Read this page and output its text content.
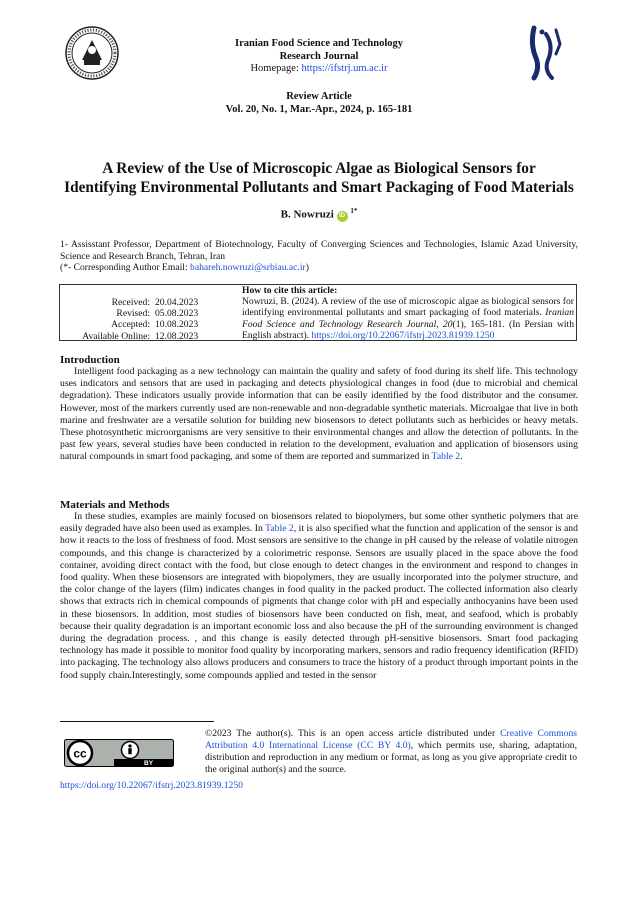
Iranian Food Science and Technology
Research Journal
Homepage: https://ifstrj.um.ac.ir
Review Article
Vol. 20, No. 1, Mar.-Apr., 2024, p. 165-181
A Review of the Use of Microscopic Algae as Biological Sensors for
Identifying Environmental Pollutants and Smart Packaging of Food Materials
B. Nowruzi iD $^{1*}$
1- Assisstant Professor, Department of Biotechnology, Faculty of Converging Sciences and Technologies, Islamic Azad University, Science and Research Branch, Tehran, Iran
(*- Corresponding Author Email: bahareh.nowruzi@srbiau.ac.ir)
Received: 20.04.2023
Revised: 05.08.2023
Accepted: 10.08.2023
Available Online: 12.08.2023
How to cite this article:
Nowruzi, B. (2024). A review of the use of microscopic algae as biological sensors for identifying environmental pollutants and smart packaging of food materials. Iranian Food Science and Technology Research Journal, 20(1), 165-181. (In Persian with English abstract). https://doi.org/10.22067/ifstrj.2023.81939.1250
Introduction
Intelligent food packaging as a new technology can maintain the quality and safety of food during its shelf life. This technology uses indicators and sensors that are used in packaging and detects physiological changes in food (due to microbial and chemical degradation). These indicators usually provide information that can be easily identified by the food distributor and the consumer. However, most of the markers currently used are non-renewable and non-degradable synthetic materials. Microalgae that live in both marine and freshwater are a versatile solution for building new biosensors to detect pollutants such as herbicides or heavy metals. These photosynthetic microorganisms are very sensitive to their environmental changes and allow the detection of pollutants. In the past few years, several studies have been conducted in relation to the development, evaluation and application of biosensors using natural compounds in smart food packaging, and some of them are reported and summarized in Table 2.
Materials and Methods
In these studies, examples are mainly focused on biosensors related to biopolymers, but some other synthetic polymers that are easily degraded have also been used as examples. In Table 2, it is also specified what the function and application of the sensor is and how it reacts to the loss of freshness of food. Most sensors are sensitive to the change in pH caused by the release of volatile nitrogen compounds, and this change is characterized by a colorimetric response. Sensors are usually placed in the space above the food container, avoiding direct contact with the food, but close enough to detect changes in the environment and respond to changes in food quality. When these biosensors are integrated with biopolymers, they are usually incorporated into the polymer structure, and the color change of the layers (film) indicates changes in food quality in the packed product. The collected information also clearly shows that extracts rich in chemical compounds of pigments that change color with pH and especially anthocyanins have been used in these biosensors. In addition, most studies of biosensors have been conducted on fish, meat, and seafood, which is probably because their quality degradation is an important economic loss and also because the pH of the surrounding environment is changed during the degradation process. , and this change is easily detected through pH-sensitive biosensors. Smart food packaging technology has made it possible to monitor food quality by incorporating markers, sensors and radio frequency identification (RFID) into packaging. The technology also allows producers and consumers to trace the history of a product through important points in the food supply chain.Interestingly, some compounds applied and tested in the sensor
cc
BY
©2023 The author(s). This is an open access article distributed under Creative Commons Attribution 4.0 International License (CC BY 4.0), which permits use, sharing, adaptation, distribution and reproduction in any medium or format, as long as you give appropriate credit to the original author(s) and the source.
https://doi.org/10.22067/ifstrj.2023.81939.1250
